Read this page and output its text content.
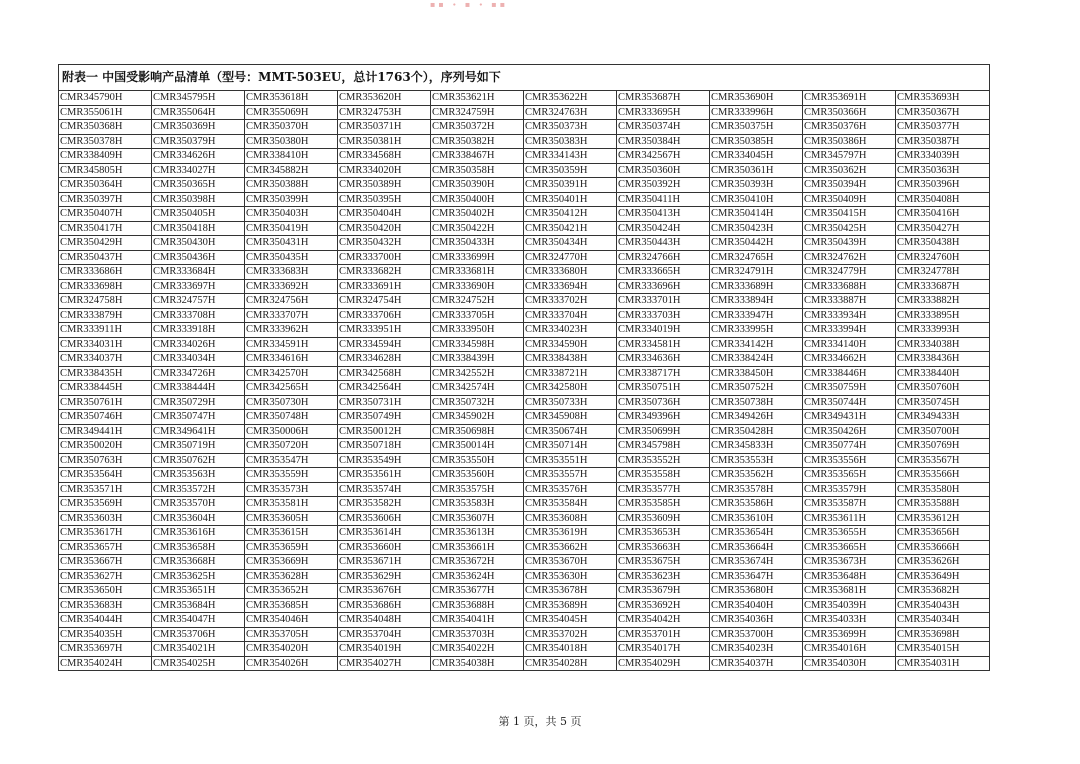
▪▪ ∙ ▪ ∙ ▪▪
附表一 中国受影响产品清单（型号：MMT-503EU，总计1763个），序列号如下									
CMR345790H	CMR345795H	CMR353618H	CMR353620H	CMR353621H	CMR353622H	CMR353687H	CMR353690H	CMR353691H	CMR353693H
CMR355061H	CMR355064H	CMR355069H	CMR324753H	CMR324759H	CMR324763H	CMR333695H	CMR333996H	CMR350366H	CMR350367H
CMR350368H	CMR350369H	CMR350370H	CMR350371H	CMR350372H	CMR350373H	CMR350374H	CMR350375H	CMR350376H	CMR350377H
CMR350378H	CMR350379H	CMR350380H	CMR350381H	CMR350382H	CMR350383H	CMR350384H	CMR350385H	CMR350386H	CMR350387H
CMR338409H	CMR334626H	CMR338410H	CMR334568H	CMR338467H	CMR334143H	CMR342567H	CMR334045H	CMR345797H	CMR334039H
CMR345805H	CMR334027H	CMR345882H	CMR334020H	CMR350358H	CMR350359H	CMR350360H	CMR350361H	CMR350362H	CMR350363H
CMR350364H	CMR350365H	CMR350388H	CMR350389H	CMR350390H	CMR350391H	CMR350392H	CMR350393H	CMR350394H	CMR350396H
CMR350397H	CMR350398H	CMR350399H	CMR350395H	CMR350400H	CMR350401H	CMR350411H	CMR350410H	CMR350409H	CMR350408H
CMR350407H	CMR350405H	CMR350403H	CMR350404H	CMR350402H	CMR350412H	CMR350413H	CMR350414H	CMR350415H	CMR350416H
CMR350417H	CMR350418H	CMR350419H	CMR350420H	CMR350422H	CMR350421H	CMR350424H	CMR350423H	CMR350425H	CMR350427H
CMR350429H	CMR350430H	CMR350431H	CMR350432H	CMR350433H	CMR350434H	CMR350443H	CMR350442H	CMR350439H	CMR350438H
CMR350437H	CMR350436H	CMR350435H	CMR333700H	CMR333699H	CMR324770H	CMR324766H	CMR324765H	CMR324762H	CMR324760H
CMR333686H	CMR333684H	CMR333683H	CMR333682H	CMR333681H	CMR333680H	CMR333665H	CMR324791H	CMR324779H	CMR324778H
CMR333698H	CMR333697H	CMR333692H	CMR333691H	CMR333690H	CMR333694H	CMR333696H	CMR333689H	CMR333688H	CMR333687H
CMR324758H	CMR324757H	CMR324756H	CMR324754H	CMR324752H	CMR333702H	CMR333701H	CMR333894H	CMR333887H	CMR333882H
CMR333879H	CMR333708H	CMR333707H	CMR333706H	CMR333705H	CMR333704H	CMR333703H	CMR333947H	CMR333934H	CMR333895H
CMR333911H	CMR333918H	CMR333962H	CMR333951H	CMR333950H	CMR334023H	CMR334019H	CMR333995H	CMR333994H	CMR333993H
CMR334031H	CMR334026H	CMR334591H	CMR334594H	CMR334598H	CMR334590H	CMR334581H	CMR334142H	CMR334140H	CMR334038H
CMR334037H	CMR334034H	CMR334616H	CMR334628H	CMR338439H	CMR338438H	CMR334636H	CMR338424H	CMR334662H	CMR338436H
CMR338435H	CMR334726H	CMR342570H	CMR342568H	CMR342552H	CMR338721H	CMR338717H	CMR338450H	CMR338446H	CMR338440H
CMR338445H	CMR338444H	CMR342565H	CMR342564H	CMR342574H	CMR342580H	CMR350751H	CMR350752H	CMR350759H	CMR350760H
CMR350761H	CMR350729H	CMR350730H	CMR350731H	CMR350732H	CMR350733H	CMR350736H	CMR350738H	CMR350744H	CMR350745H
CMR350746H	CMR350747H	CMR350748H	CMR350749H	CMR345902H	CMR345908H	CMR349396H	CMR349426H	CMR349431H	CMR349433H
CMR349441H	CMR349641H	CMR350006H	CMR350012H	CMR350698H	CMR350674H	CMR350699H	CMR350428H	CMR350426H	CMR350700H
CMR350020H	CMR350719H	CMR350720H	CMR350718H	CMR350014H	CMR350714H	CMR345798H	CMR345833H	CMR350774H	CMR350769H
CMR350763H	CMR350762H	CMR353547H	CMR353549H	CMR353550H	CMR353551H	CMR353552H	CMR353553H	CMR353556H	CMR353567H
CMR353564H	CMR353563H	CMR353559H	CMR353561H	CMR353560H	CMR353557H	CMR353558H	CMR353562H	CMR353565H	CMR353566H
CMR353571H	CMR353572H	CMR353573H	CMR353574H	CMR353575H	CMR353576H	CMR353577H	CMR353578H	CMR353579H	CMR353580H
CMR353569H	CMR353570H	CMR353581H	CMR353582H	CMR353583H	CMR353584H	CMR353585H	CMR353586H	CMR353587H	CMR353588H
CMR353603H	CMR353604H	CMR353605H	CMR353606H	CMR353607H	CMR353608H	CMR353609H	CMR353610H	CMR353611H	CMR353612H
CMR353617H	CMR353616H	CMR353615H	CMR353614H	CMR353613H	CMR353619H	CMR353653H	CMR353654H	CMR353655H	CMR353656H
CMR353657H	CMR353658H	CMR353659H	CMR353660H	CMR353661H	CMR353662H	CMR353663H	CMR353664H	CMR353665H	CMR353666H
CMR353667H	CMR353668H	CMR353669H	CMR353671H	CMR353672H	CMR353670H	CMR353675H	CMR353674H	CMR353673H	CMR353626H
CMR353627H	CMR353625H	CMR353628H	CMR353629H	CMR353624H	CMR353630H	CMR353623H	CMR353647H	CMR353648H	CMR353649H
CMR353650H	CMR353651H	CMR353652H	CMR353676H	CMR353677H	CMR353678H	CMR353679H	CMR353680H	CMR353681H	CMR353682H
CMR353683H	CMR353684H	CMR353685H	CMR353686H	CMR353688H	CMR353689H	CMR353692H	CMR354040H	CMR354039H	CMR354043H
CMR354044H	CMR354047H	CMR354046H	CMR354048H	CMR354041H	CMR354045H	CMR354042H	CMR354036H	CMR354033H	CMR354034H
CMR354035H	CMR353706H	CMR353705H	CMR353704H	CMR353703H	CMR353702H	CMR353701H	CMR353700H	CMR353699H	CMR353698H
CMR353697H	CMR354021H	CMR354020H	CMR354019H	CMR354022H	CMR354018H	CMR354017H	CMR354023H	CMR354016H	CMR354015H
CMR354024H	CMR354025H	CMR354026H	CMR354027H	CMR354038H	CMR354028H	CMR354029H	CMR354037H	CMR354030H	CMR354031H
第 1 页，共 5 页
